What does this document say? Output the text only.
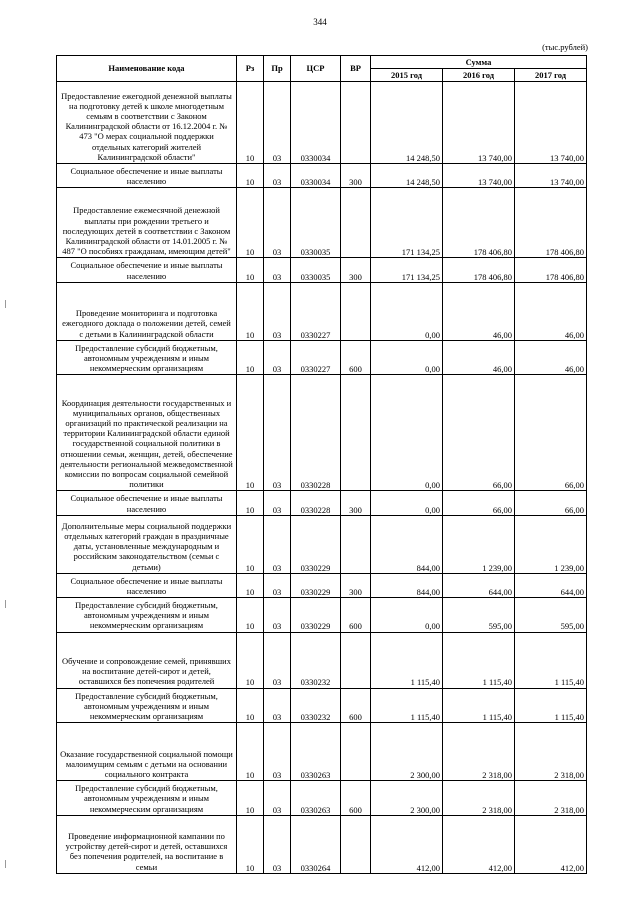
344
(тыс.рублей)
Наименование кода	Рз	Пр	ЦСР	ВР	Сумма		
					2015 год	2016 год	2017 год
Предоставление ежегодной денежной выплаты на подготовку детей к школе многодетным семьям в соответствии с Законом Калининградской области от 16.12.2004 г. № 473 "О мерах социальной поддержки отдельных категорий жителей Калининградской области"	10	03	0330034		14 248,50	13 740,00	13 740,00
Социальное обеспечение и иные выплаты населению	10	03	0330034	300	14 248,50	13 740,00	13 740,00
Предоставление ежемесячной денежной выплаты при рождении третьего и последующих детей в соответствии с Законом Калининградской области от 14.01.2005 г. № 487 "О пособиях гражданам, имеющим детей"	10	03	0330035		171 134,25	178 406,80	178 406,80
Социальное обеспечение и иные выплаты населению	10	03	0330035	300	171 134,25	178 406,80	178 406,80
Проведение мониторинга и подготовка ежегодного доклада о положении детей, семей с детьми в Калининградской области	10	03	0330227		0,00	46,00	46,00
Предоставление субсидий бюджетным, автономным учреждениям и иным некоммерческим организациям	10	03	0330227	600	0,00	46,00	46,00
Координация деятельности государственных и муниципальных органов, общественных организаций по практической реализации на территории Калининградской области единой государственной социальной политики в отношении семьи, женщин, детей, обеспечение деятельности региональной межведомственной комиссии по вопросам социальной семейной политики	10	03	0330228		0,00	66,00	66,00
Социальное обеспечение и иные выплаты населению	10	03	0330228	300	0,00	66,00	66,00
Дополнительные меры социальной поддержки отдельных категорий граждан в праздничные даты, установленные международным и российским законодательством (семьи с детьми)	10	03	0330229		844,00	1 239,00	1 239,00
Социальное обеспечение и иные выплаты населению	10	03	0330229	300	844,00	644,00	644,00
Предоставление субсидий бюджетным, автономным учреждениям и иным некоммерческим организациям	10	03	0330229	600	0,00	595,00	595,00
Обучение и сопровождение семей, принявших на воспитание детей-сирот и детей, оставшихся без попечения родителей	10	03	0330232		1 115,40	1 115,40	1 115,40
Предоставление субсидий бюджетным, автономным учреждениям и иным некоммерческим организациям	10	03	0330232	600	1 115,40	1 115,40	1 115,40
Оказание государственной социальной помощи малоимущим семьям с детьми на основании социального контракта	10	03	0330263		2 300,00	2 318,00	2 318,00
Предоставление субсидий бюджетным, автономным учреждениям и иным некоммерческим организациям	10	03	0330263	600	2 300,00	2 318,00	2 318,00
Проведение информационной кампании по устройству детей-сирот и детей, оставшихся без попечения родителей, на воспитание в семьи	10	03	0330264		412,00	412,00	412,00
